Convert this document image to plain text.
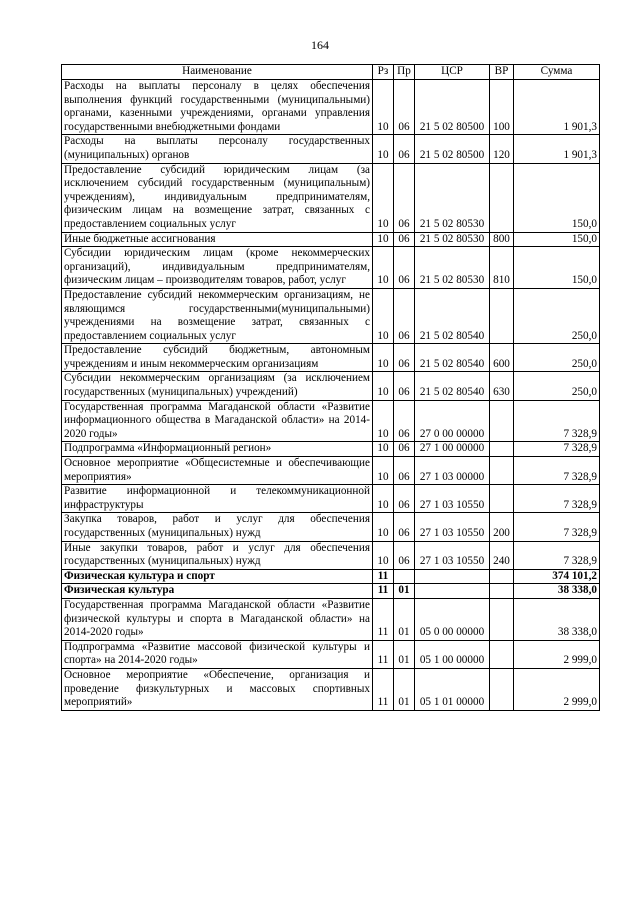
164
Наименование	Рз	Пр	ЦСР	ВР	Сумма
Расходы на выплаты персоналу в целях обеспечения выполнения функций государственными (муниципальными) органами, казенными учреждениями, органами управления государственными внебюджетными фондами	10	06	21 5 02 80500	100	1 901,3
Расходы на выплаты персоналу государственных (муниципальных) органов	10	06	21 5 02 80500	120	1 901,3
Предоставление субсидий юридическим лицам (за исключением субсидий государственным (муниципальным) учреждениям), индивидуальным предпринимателям, физическим лицам на возмещение затрат, связанных с предоставлением социальных услуг	10	06	21 5 02 80530		150,0
Иные бюджетные ассигнования	10	06	21 5 02 80530	800	150,0
Субсидии юридическим лицам (кроме некоммерческих организаций), индивидуальным предпринимателям, физическим лицам – производителям товаров, работ, услуг	10	06	21 5 02 80530	810	150,0
Предоставление субсидий некоммерческим организациям, не являющимся государственными(муниципальными) учреждениями на возмещение затрат, связанных с предоставлением социальных услуг	10	06	21 5 02 80540		250,0
Предоставление субсидий бюджетным, автономным учреждениям и иным некоммерческим организациям	10	06	21 5 02 80540	600	250,0
Субсидии некоммерческим организациям (за исключением государственных (муниципальных) учреждений)	10	06	21 5 02 80540	630	250,0
Государственная программа Магаданской области «Развитие информационного общества в Магаданской области» на 2014-2020 годы»	10	06	27 0 00 00000		7 328,9
Подпрограмма «Информационный регион»	10	06	27 1 00 00000		7 328,9
Основное мероприятие «Общесистемные и обеспечивающие мероприятия»	10	06	27 1 03 00000		7 328,9
Развитие информационной и телекоммуникационной инфраструктуры	10	06	27 1 03 10550		7 328,9
Закупка товаров, работ и услуг для обеспечения государственных (муниципальных) нужд	10	06	27 1 03 10550	200	7 328,9
Иные закупки товаров, работ и услуг для обеспечения государственных (муниципальных) нужд	10	06	27 1 03 10550	240	7 328,9
Физическая культура и спорт	11				374 101,2
Физическая культура	11	01			38 338,0
Государственная программа Магаданской области «Развитие физической культуры и спорта в Магаданской области» на 2014-2020 годы»	11	01	05 0 00 00000		38 338,0
Подпрограмма «Развитие массовой физической культуры и спорта» на 2014-2020 годы»	11	01	05 1 00 00000		2 999,0
Основное мероприятие «Обеспечение, организация и проведение физкультурных и массовых спортивных мероприятий»	11	01	05 1 01 00000		2 999,0
